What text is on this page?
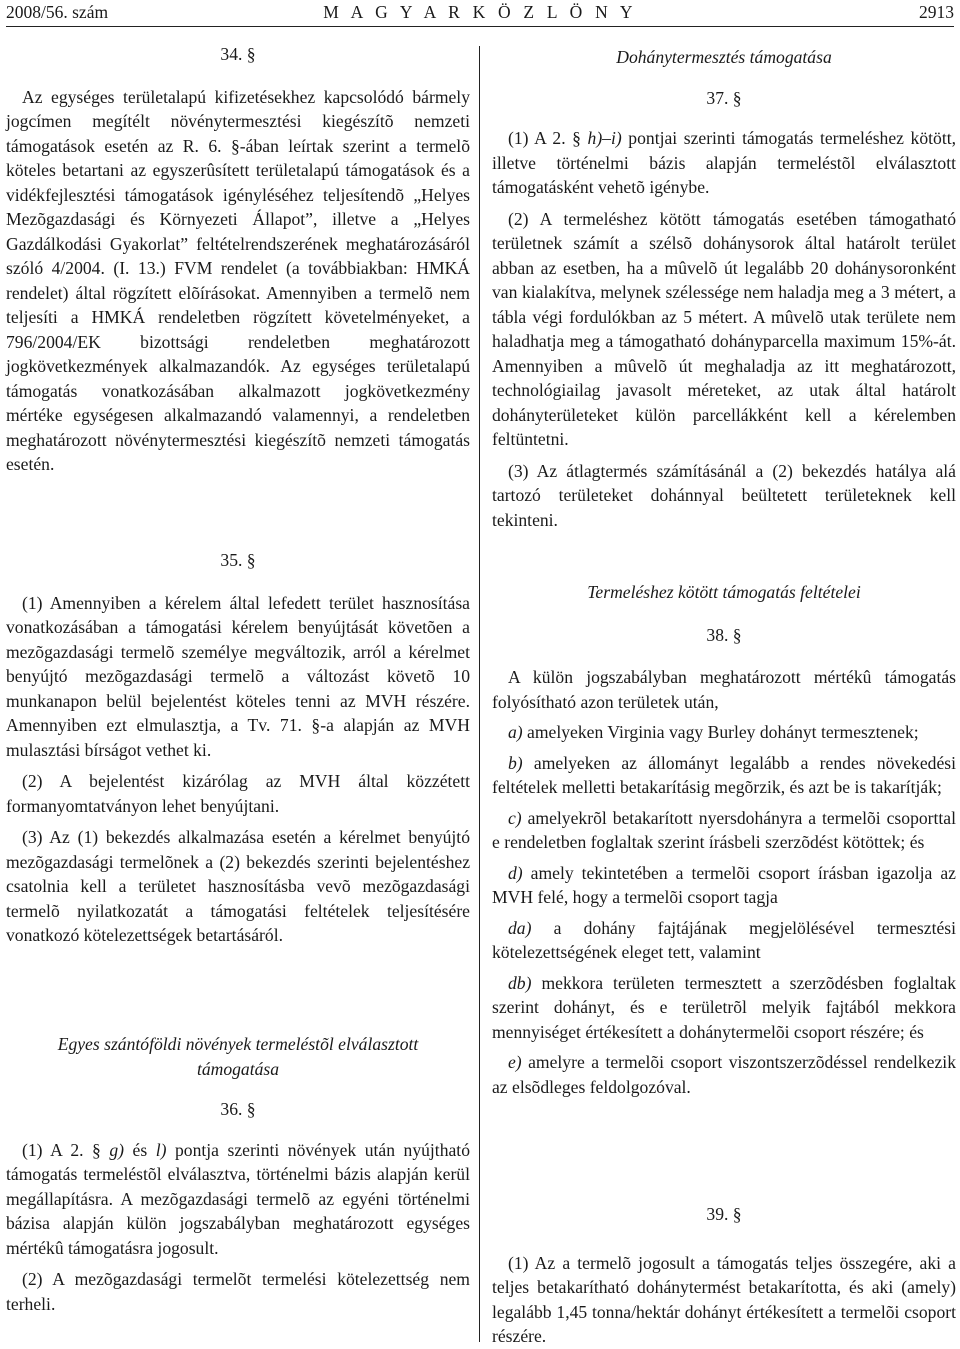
2008/56. szám	M A G Y A R K Ö Z L Ö N Y	2913

34. §

Az egységes területalapú kifizetésekhez kapcsolódó bármely jogcímen megítélt növénytermesztési kiegészítõ nemzeti támogatások esetén az R. 6. §-ában leírtak szerint a termelõ köteles betartani az egyszerûsített területalapú támogatások és a vidékfejlesztési támogatások igényléséhez teljesítendõ „Helyes Mezõgazdasági és Környezeti Állapot”, illetve a „Helyes Gazdálkodási Gyakorlat” feltételrendszerének meghatározásáról szóló 4/2004. (I. 13.) FVM rendelet (a továbbiakban: HMKÁ rendelet) által rögzített elõírásokat. Amennyiben a termelõ nem teljesíti a HMKÁ rendeletben rögzített követelményeket, a 796/2004/EK bizottsági rendeletben meghatározott jogkövetkezmények alkalmazandók. Az egységes területalapú támogatás vonatkozásában alkalmazott jogkövetkezmény mértéke egységesen alkalmazandó valamennyi, a rendeletben meghatározott növénytermesztési kiegészítõ nemzeti támogatás esetén.

35. §

(1) Amennyiben a kérelem által lefedett terület hasznosítása vonatkozásában a támogatási kérelem benyújtását követõen a mezõgazdasági termelõ személye megváltozik, arról a kérelmet benyújtó mezõgazdasági termelõ a változást követõ 10 munkanapon belül bejelentést köteles tenni az MVH részére. Amennyiben ezt elmulasztja, a Tv. 71. §-a alapján az MVH mulasztási bírságot vethet ki.

(2) A bejelentést kizárólag az MVH által közzétett formanyomtatványon lehet benyújtani.

(3) Az (1) bekezdés alkalmazása esetén a kérelmet benyújtó mezõgazdasági termelõnek a (2) bekezdés szerinti bejelentéshez csatolnia kell a területet hasznosításba vevõ mezõgazdasági termelõ nyilatkozatát a támogatási feltételek teljesítésére vonatkozó kötelezettségek betartásáról.

Egyes szántóföldi növények termeléstõl elválasztott támogatása

36. §

(1) A 2. § g) és l) pontja szerinti növények után nyújtható támogatás termeléstõl elválasztva, történelmi bázis alapján kerül megállapításra. A mezõgazdasági termelõ az egyéni történelmi bázisa alapján külön jogszabályban meghatározott egységes mértékû támogatásra jogosult.

(2) A mezõgazdasági termelõt termelési kötelezettség nem terheli.

Dohánytermesztés támogatása

37. §

(1) A 2. § h)–i) pontjai szerinti támogatás termeléshez kötött, illetve történelmi bázis alapján termeléstõl elválasztott támogatásként vehetõ igénybe.

(2) A termeléshez kötött támogatás esetében támogatható területnek számít a szélsõ dohánysorok által határolt terület abban az esetben, ha a mûvelõ út legalább 20 dohánysoronként van kialakítva, melynek szélessége nem haladja meg a 3 métert, a tábla végi fordulókban az 5 métert. A mûvelõ utak területe nem haladhatja meg a támogatható dohányparcella maximum 15%-át. Amennyiben a mûvelõ út meghaladja az itt meghatározott, technológiailag javasolt méreteket, az utak által határolt dohányterületeket külön parcellákként kell a kérelemben feltüntetni.

(3) Az átlagtermés számításánál a (2) bekezdés hatálya alá tartozó területeket dohánnyal beültetett területeknek kell tekinteni.

Termeléshez kötött támogatás feltételei

38. §

A külön jogszabályban meghatározott mértékû támogatás folyósítható azon területek után,

a) amelyeken Virginia vagy Burley dohányt termesztenek;

b) amelyeken az állományt legalább a rendes növekedési feltételek melletti betakarításig megõrzik, és azt be is takarítják;

c) amelyekrõl betakarított nyersdohányra a termelõi csoporttal e rendeletben foglaltak szerint írásbeli szerzõdést kötöttek; és

d) amely tekintetében a termelõi csoport írásban igazolja az MVH felé, hogy a termelõi csoport tagja

da) a dohány fajtájának megjelölésével termesztési kötelezettségének eleget tett, valamint

db) mekkora területen termesztett a szerzõdésben foglaltak szerint dohányt, és e területrõl melyik fajtából mekkora mennyiséget értékesített a dohánytermelõi csoport részére; és

e) amelyre a termelõi csoport viszontszerzõdéssel rendelkezik az elsõdleges feldolgozóval.

39. §

(1) Az a termelõ jogosult a támogatás teljes összegére, aki a teljes betakarítható dohánytermést betakarította, és aki (amely) legalább 1,45 tonna/hektár dohányt értékesített a termelõi csoport részére.
